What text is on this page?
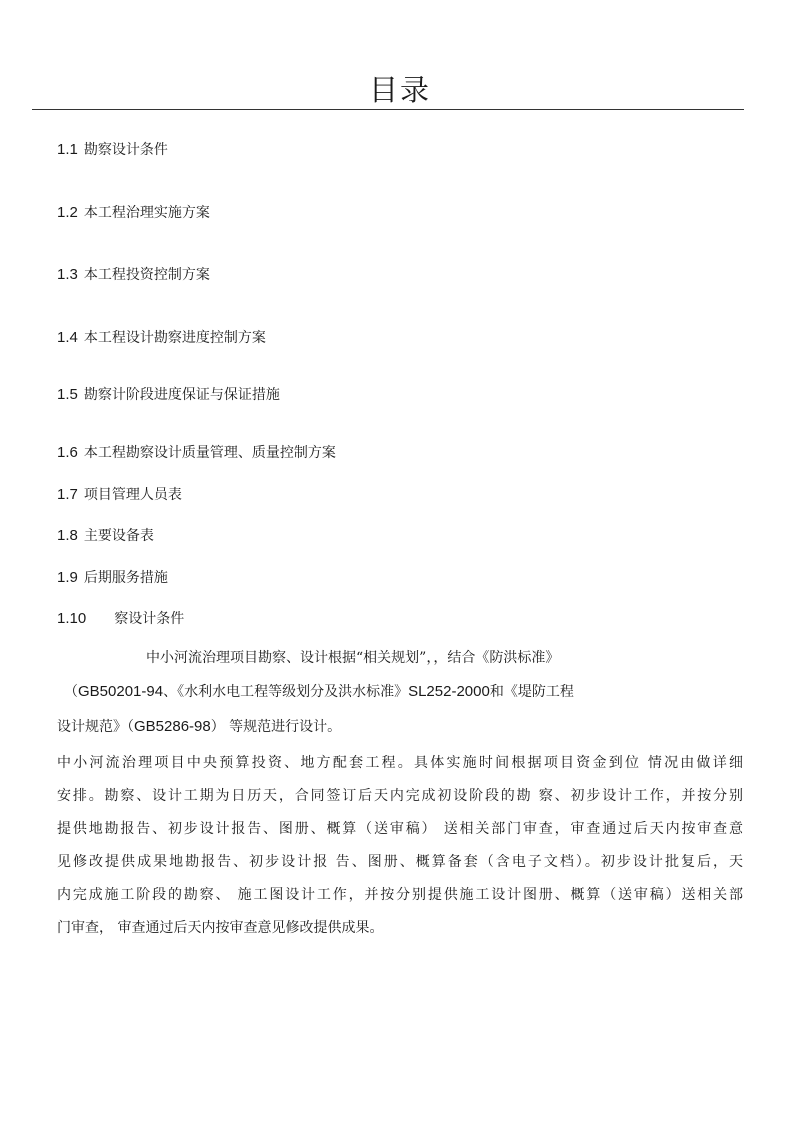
目录
1.1 勘察设计条件
1.2 本工程治理实施方案
1.3 本工程投资控制方案
1.4 本工程设计勘察进度控制方案
1.5 勘察计阶段进度保证与保证措施
1.6 本工程勘察设计质量管理、质量控制方案
1.7 项目管理人员表
1.8 主要设备表
1.9 后期服务措施
1.10 察设计条件
中小河流治理项目勘察、设计根据“相关规划”，，结合《防洪标准》
（GB50201-94、《水利水电工程等级划分及洪水标准》SL252-2000和《堤防工程
设计规范》（GB5286-98） 等规范进行设计。
中小河流治理项目中央预算投资、地方配套工程。具体实施时间根据项目资金到位 情况由做详细
安排。勘察、设计工期为日历天，合同签订后天内完成初设阶段的勘 察、初步设计工作，并按分别
提供地勘报告、初步设计报告、图册、概算（送审稿） 送相关部门审查，审查通过后天内按审查意
见修改提供成果地勘报告、初步设计报 告、图册、概算备套（含电子文档）。初步设计批复后，天
内完成施工阶段的勘察、 施工图设计工作，并按分别提供施工设计图册、概算（送审稿）送相关部
门审查， 审查通过后天内按审查意见修改提供成果。
